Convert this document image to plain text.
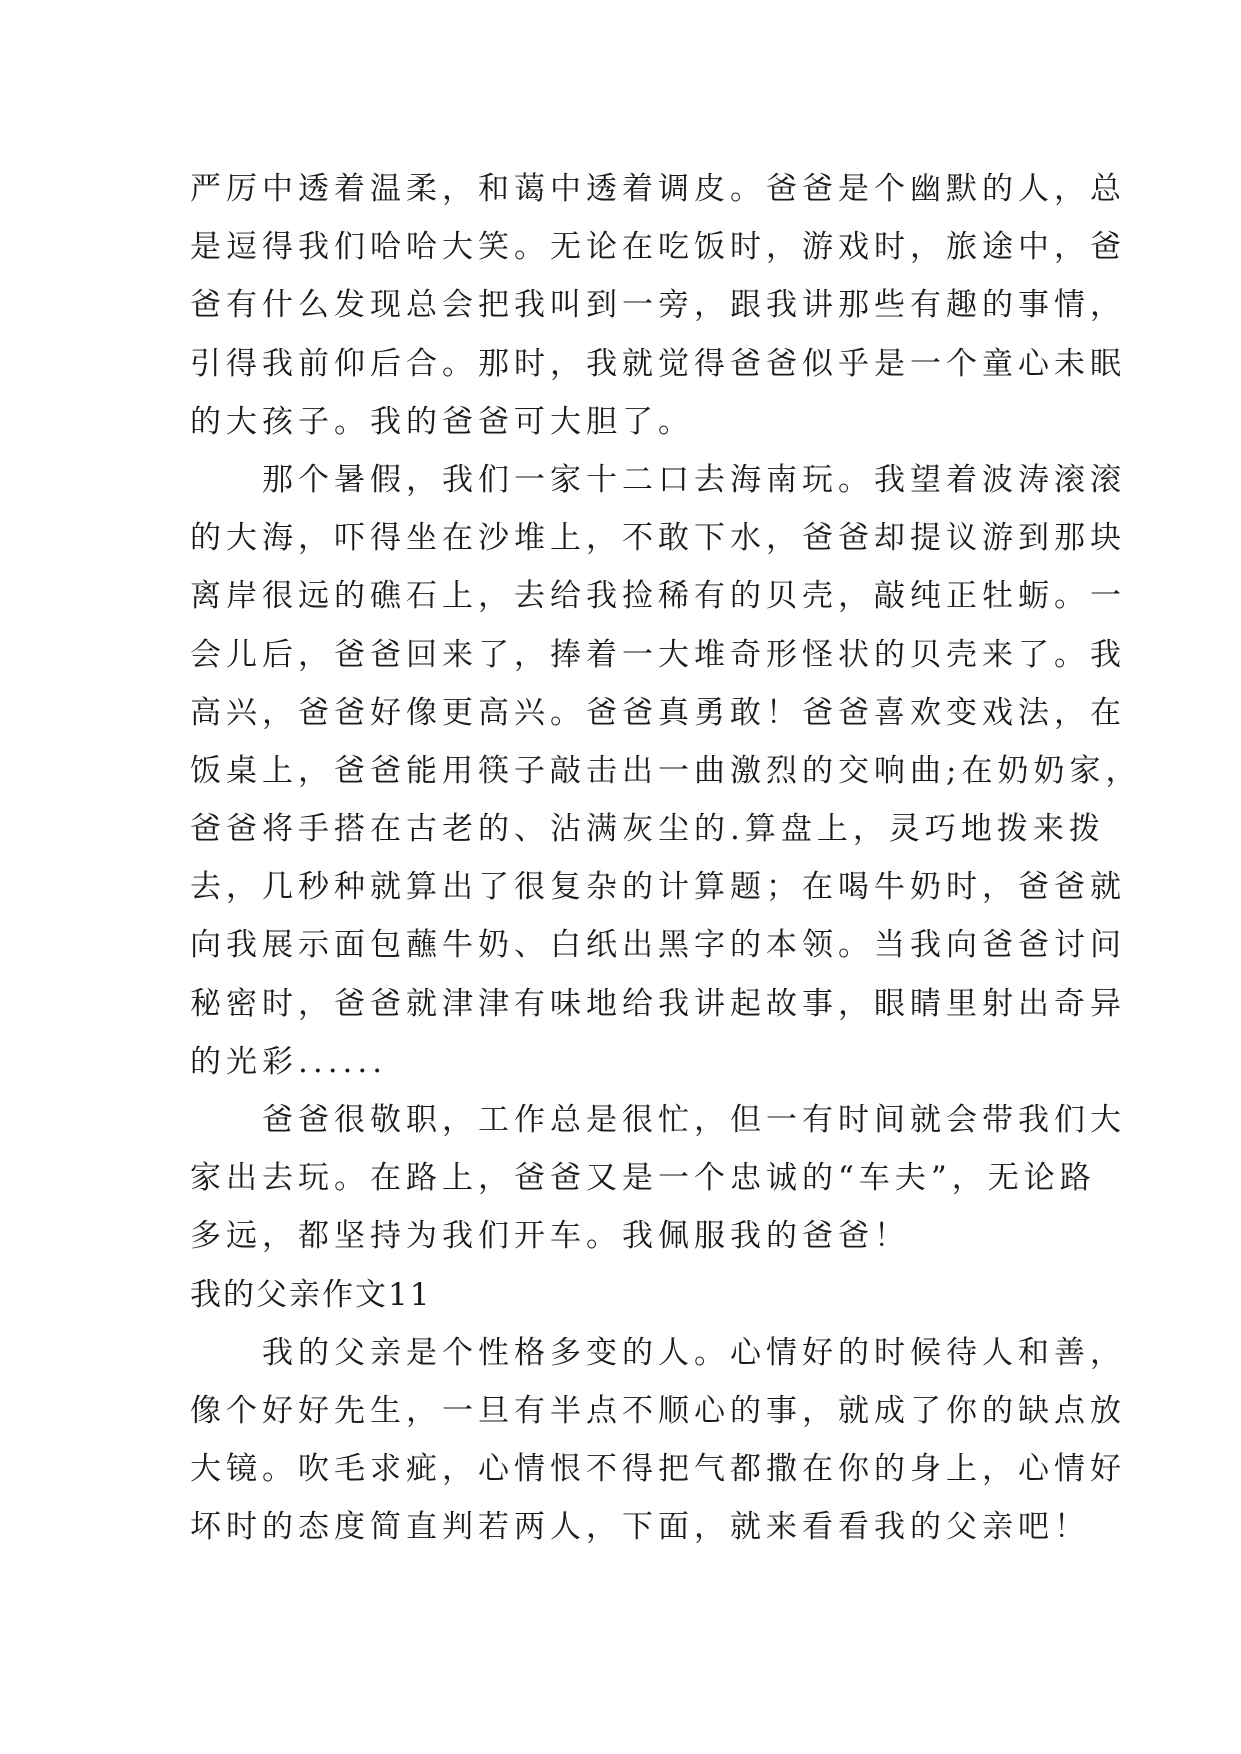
严厉中透着温柔，和蔼中透着调皮。爸爸是个幽默的人，总
是逗得我们哈哈大笑。无论在吃饭时，游戏时，旅途中，爸
爸有什么发现总会把我叫到一旁，跟我讲那些有趣的事情，
引得我前仰后合。那时，我就觉得爸爸似乎是一个童心未眠
的大孩子。我的爸爸可大胆了。
　　那个暑假，我们一家十二口去海南玩。我望着波涛滚滚
的大海，吓得坐在沙堆上，不敢下水，爸爸却提议游到那块
离岸很远的礁石上，去给我捡稀有的贝壳，敲纯正牡蛎。一
会儿后，爸爸回来了，捧着一大堆奇形怪状的贝壳来了。我
高兴，爸爸好像更高兴。爸爸真勇敢！爸爸喜欢变戏法，在
饭桌上，爸爸能用筷子敲击出一曲激烈的交响曲;在奶奶家，
爸爸将手搭在古老的、沾满灰尘的.算盘上，灵巧地拨来拨
去，几秒种就算出了很复杂的计算题；在喝牛奶时，爸爸就
向我展示面包蘸牛奶、白纸出黑字的本领。当我向爸爸讨问
秘密时，爸爸就津津有味地给我讲起故事，眼睛里射出奇异
的光彩......
　　爸爸很敬职，工作总是很忙，但一有时间就会带我们大
家出去玩。在路上，爸爸又是一个忠诚的“车夫”，无论路
多远，都坚持为我们开车。我佩服我的爸爸！
我的父亲作文11
　　我的父亲是个性格多变的人。心情好的时候待人和善，
像个好好先生，一旦有半点不顺心的事，就成了你的缺点放
大镜。吹毛求疵，心情恨不得把气都撒在你的身上，心情好
坏时的态度简直判若两人，下面，就来看看我的父亲吧！
